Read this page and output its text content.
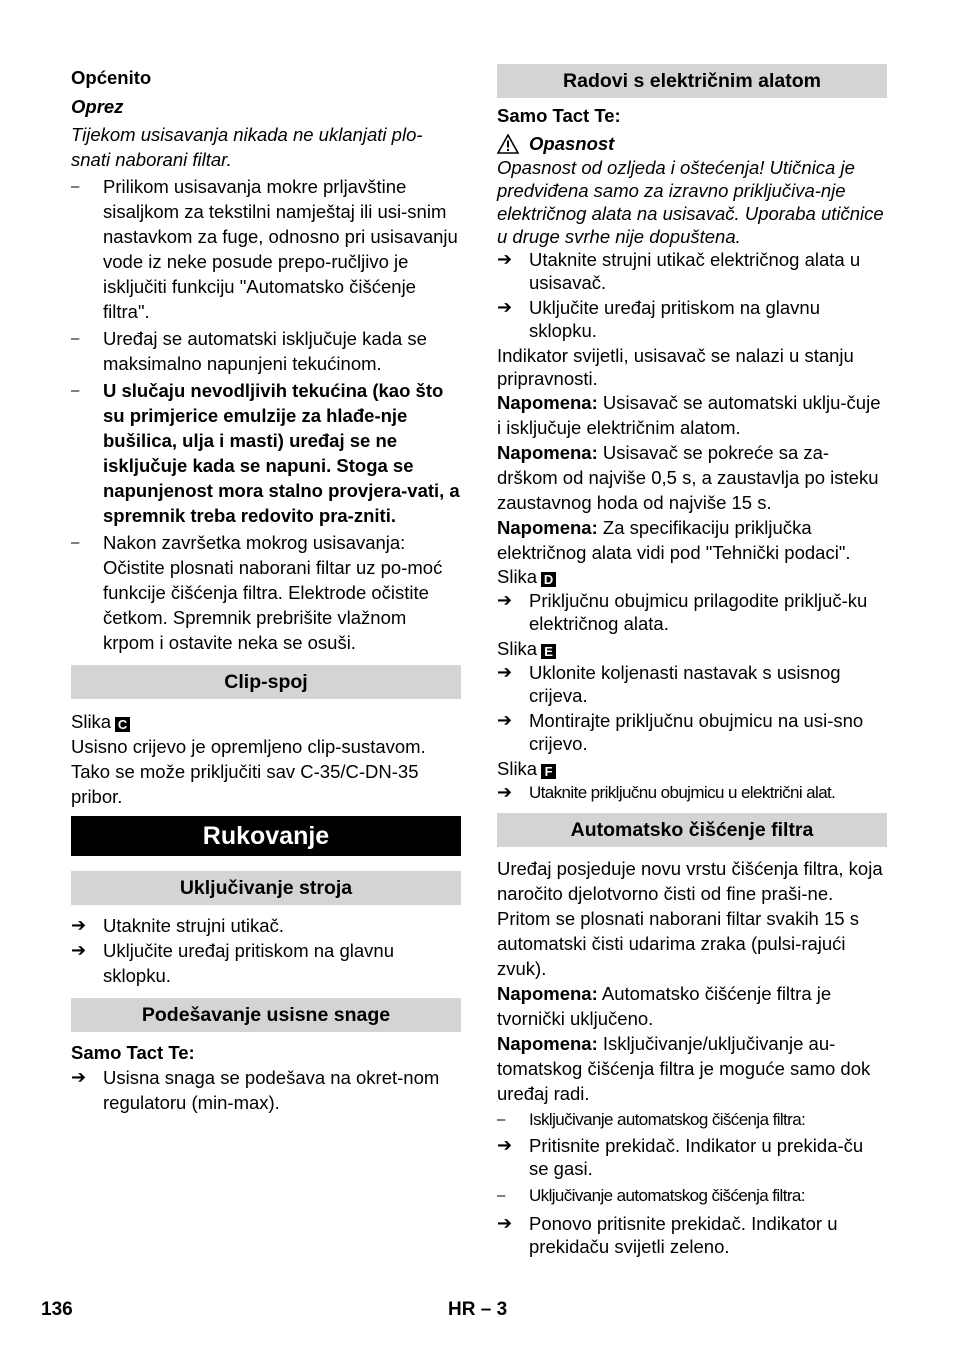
Općenito

Oprez

Tijekom usisavanja nikada ne uklanjati plo-snati naborani filtar.

–	Prilikom usisavanja mokre prljavštine sisaljkom za tekstilni namještaj ili usi-snim nastavkom za fuge, odnosno pri usisavanju vode iz neke posude prepo-ručljivo je isključiti funkciju "Automatsko čišćenje filtra".
–	Uređaj se automatski isključuje kada se maksimalno napunjeni tekućinom.
–	U slučaju nevodljivih tekućina (kao što su primjerice emulzije za hlađe-nje bušilica, ulja i masti) uređaj se ne isključuje kada se napuni. Stoga se napunjenost mora stalno provjera-vati, a spremnik treba redovito pra-zniti.
–	Nakon završetka mokrog usisavanja: Očistite plosnati naborani filtar uz po-moć funkcije čišćenja filtra. Elektrode očistite četkom. Spremnik prebrišite vlažnom krpom i ostavite neka se osuši.
Clip-spoj

Slika C

Usisno crijevo je opremljeno clip-sustavom. Tako se može priključiti sav C-35/C-DN-35 pribor.

Rukovanje
Uključivanje stroja
➔ Utaknite strujni utikač.
➔ Uključite uređaj pritiskom na glavnu sklopku.
Podešavanje usisne snage

Samo Tact Te:

➔ Usisna snaga se podešava na okret-nom regulatoru (min-max).
Radovi s električnim alatom

Samo Tact Te:

Opasnost

Opasnost od ozljeda i oštećenja! Utičnica je predviđena samo za izravno priključiva-nje električnog alata na usisavač. Uporaba utičnice u druge svrhe nije dopuštena.

➔ Utaknite strujni utikač električnog alata u usisavač.
➔ Uključite uređaj pritiskom na glavnu sklopku.

Indikator svijetli, usisavač se nalazi u stanju pripravnosti.

Napomena: Usisavač se automatski uklju-čuje i isključuje električnim alatom.

Napomena: Usisavač se pokreće sa za-drškom od najviše 0,5 s, a zaustavlja po isteku zaustavnog hoda od najviše 15 s.

Napomena: Za specifikaciju priključka električnog alata vidi pod "Tehnički podaci".

Slika D

➔ Priključnu obujmicu prilagodite priključ-ku električnog alata.

Slika E

➔ Uklonite koljenasti nastavak s usisnog crijeva.
➔ Montirajte priključnu obujmicu na usi-sno crijevo.

Slika F

➔	Utaknite priključnu obujmicu u električni alat.
Automatsko čišćenje filtra

Uređaj posjeduje novu vrstu čišćenja filtra, koja naročito djelotvorno čisti od fine praši-ne. Pritom se plosnati naborani filtar svakih 15 s automatski čisti udarima zraka (pulsi-rajući zvuk).

Napomena: Automatsko čišćenje filtra je tvornički uključeno.

Napomena: Isključivanje/uključivanje au-tomatskog čišćenja filtra je moguće samo dok uređaj radi.

–	Isključivanje automatskog čišćenja filtra:
➔ Pritisnite prekidač. Indikator u prekida-ču se gasi.
–	Uključivanje automatskog čišćenja filtra:
➔ Ponovo pritisnite prekidač. Indikator u prekidaču svijetli zeleno.
136	HR – 3
